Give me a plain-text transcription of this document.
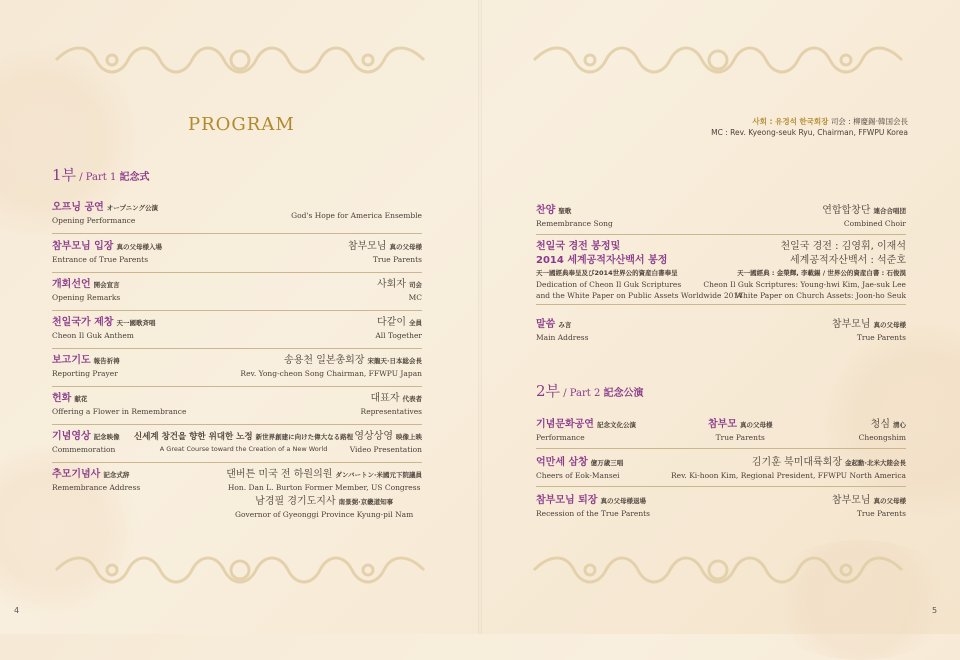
PROGRAM
1부 / Part 1 記念式
오프닝 공연 オープニング公演
Opening Performance
God's Hope for America Ensemble
참부모님 입장 真の父母様入場
Entrance of True Parents
참부모님 真の父母様
True Parents
개회선언 開会宣言
Opening Remarks
사회자 司会
MC
천일국가 제창 天一國歌斉唱
Cheon Il Guk Anthem
다같이 全員
All Together
보고기도 報告祈祷
Reporting Prayer
송용천 일본총회장 宋龍天·日本総会長
Rev. Yong-cheon Song Chairman, FFWPU Japan
헌화 献花
Offering a Flower in Remembrance
대표자 代表者
Representatives
기념영상 記念映像
Commemoration
신세계 창건을 향한 위대한 노정 新世界創建に向けた偉大なる路程
A Great Course toward the Creation of a New World
영상상영 映像上映
Video Presentation
추모기념사 記念式辞
Remembrance Address
댄버튼 미국 전 하원의원 ダンバートン·米國元下院議員
Hon. Dan L. Burton Former Member, US Congress
남경필 경기도지사 南景弼·京畿道知事
Governor of Gyeonggi Province Kyung-pil Nam
4
사회 : 유경석 한국회장 司会 : 柳慶錫·韓国会長
MC : Rev. Kyeong-seuk Ryu, Chairman, FFWPU Korea
찬양 聖歌
Remembrance Song
연합합창단 連合合唱団
Combined Choir
천일국 경전 봉정및
2014 세계공적자산백서 봉정
天一國經典奉呈及び2014世界公的資産白書奉呈
Dedication of Cheon Il Guk Scriptures
and the White Paper on Public Assets Worldwide 2014
천일국 경전 : 김영휘, 이재석
세계공적자산백서 : 석준호
天一國經典 : 金榮輝, 李載錫 / 世界公的資産白書 : 石俊淏
Cheon Il Guk Scriptures: Young-hwi Kim, Jae-suk Lee
White Paper on Church Assets: Joon-ho Seuk
말씀 み言
Main Address
참부모님 真の父母様
True Parents
2부 / Part 2 記念公演
기념문화공연 記念文化公演
Performance
참부모 真の父母様
True Parents
청심 清心
Cheongshim
억만세 삼창 億万歳三唱
Cheers of Eok-Mansei
김기훈 북미대륙회장 金起勳·北米大陸会長
Rev. Ki-hoon Kim, Regional President, FFWPU North America
참부모님 퇴장 真の父母様退場
Recession of the True Parents
참부모님 真の父母様
True Parents
5
